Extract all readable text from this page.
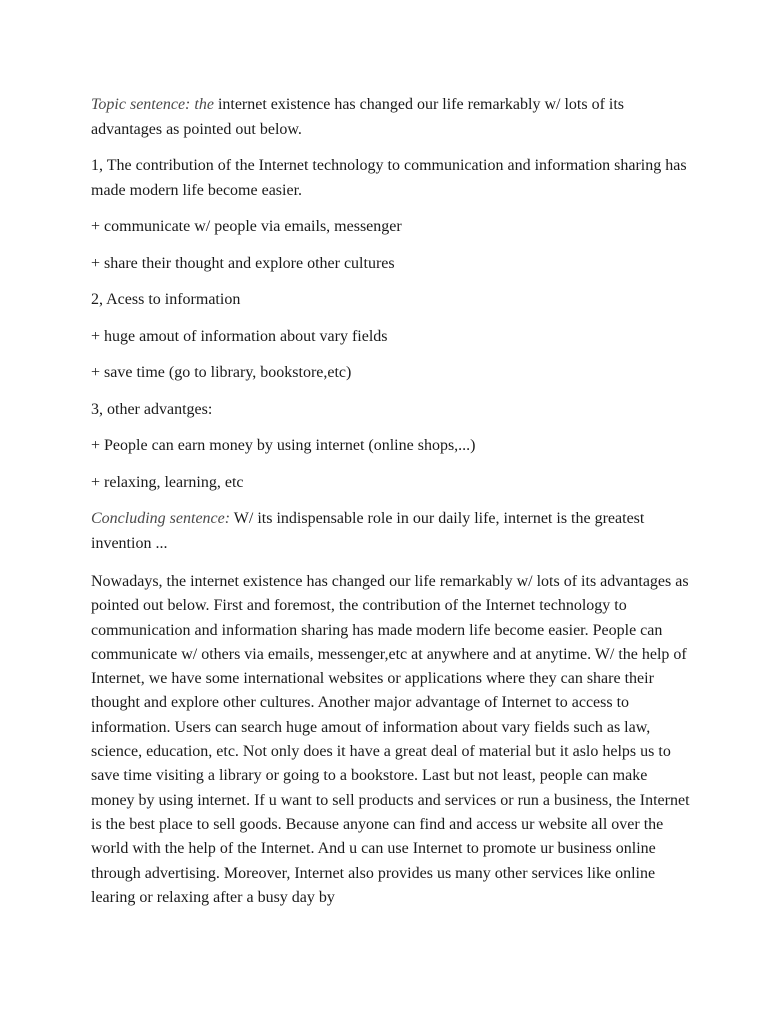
Topic sentence: the internet existence has changed our life remarkably w/ lots of its advantages as pointed out below.

1, The contribution of the Internet technology to communication and information sharing has made modern life become easier.

+ communicate w/ people via emails, messenger

+ share their thought and explore other cultures

2, Acess to information

+ huge amout of information about vary fields

+ save time (go to library, bookstore,etc)

3, other advantges:

+ People can earn money by using internet (online shops,...)

+ relaxing, learning, etc

Concluding sentence: W/ its indispensable role in our daily life, internet is the greatest invention ...

Nowadays, the internet existence has changed our life remarkably w/ lots of its advantages as pointed out below. First and foremost, the contribution of the Internet technology to communication and information sharing has made modern life become easier. People can communicate w/ others via emails, messenger,etc at anywhere and at anytime. W/ the help of Internet, we have some international websites or applications where they can share their thought and explore other cultures. Another major advantage of Internet to access to information. Users can search huge amout of information about vary fields such as law, science, education, etc. Not only does it have a great deal of material but it aslo helps us to save time visiting a library or going to a bookstore. Last but not least, people can make money by using internet. If u want to sell products and services or run a business, the Internet is the best place to sell goods. Because anyone can find and access ur website all over the world with the help of the Internet. And u can use Internet to promote ur business online through advertising. Moreover, Internet also provides us many other services like online learing or relaxing after a busy day by
